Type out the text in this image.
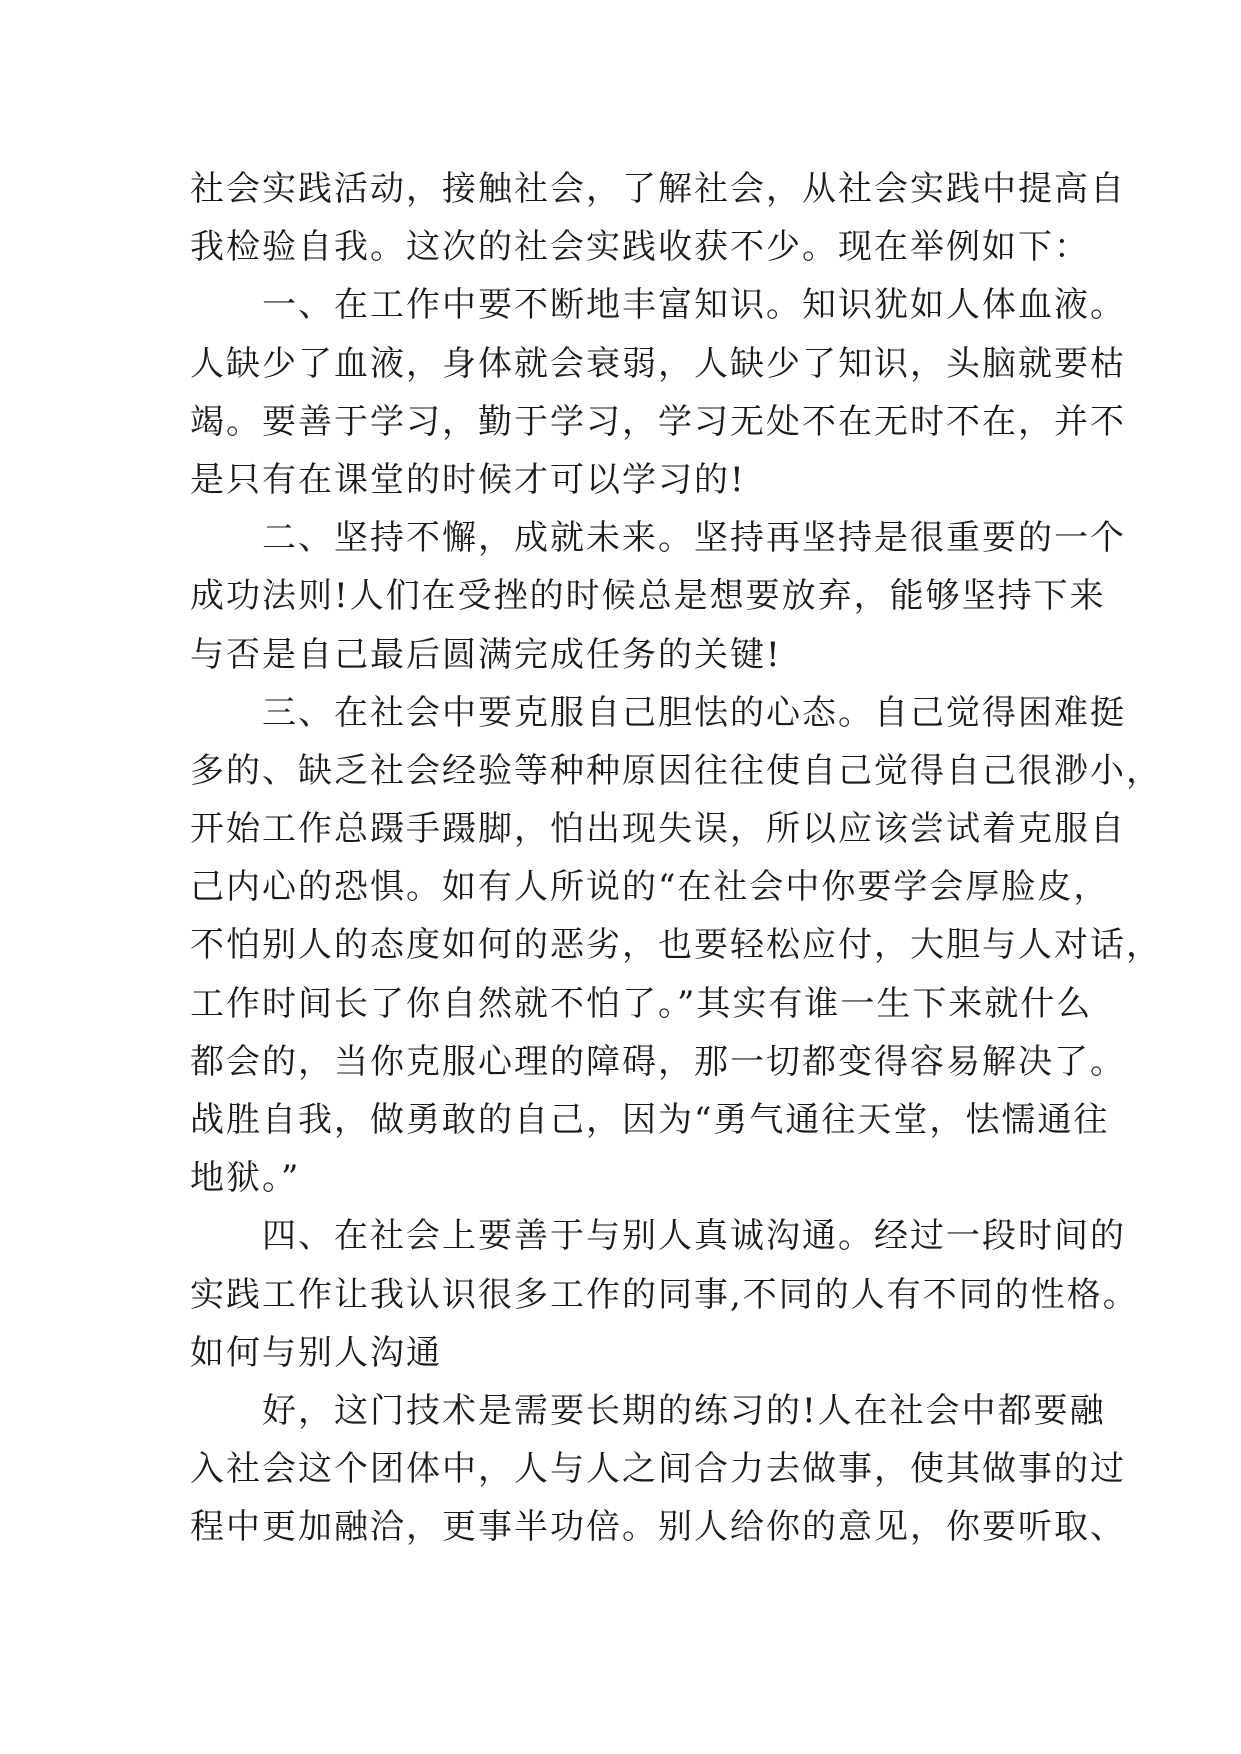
社会实践活动，接触社会，了解社会，从社会实践中提高自
我检验自我。这次的社会实践收获不少。现在举例如下：
　　一、在工作中要不断地丰富知识。知识犹如人体血液。
人缺少了血液，身体就会衰弱，人缺少了知识，头脑就要枯
竭。要善于学习，勤于学习，学习无处不在无时不在，并不
是只有在课堂的时候才可以学习的!
　　二、坚持不懈，成就未来。坚持再坚持是很重要的一个
成功法则!人们在受挫的时候总是想要放弃，能够坚持下来
与否是自己最后圆满完成任务的关键!
　　三、在社会中要克服自己胆怯的心态。自己觉得困难挺
多的、缺乏社会经验等种种原因往往使自己觉得自己很渺小，
开始工作总蹑手蹑脚，怕出现失误，所以应该尝试着克服自
己内心的恐惧。如有人所说的“在社会中你要学会厚脸皮，
不怕别人的态度如何的恶劣，也要轻松应付，大胆与人对话，
工作时间长了你自然就不怕了。”其实有谁一生下来就什么
都会的，当你克服心理的障碍，那一切都变得容易解决了。
战胜自我，做勇敢的自己，因为“勇气通往天堂，怯懦通往
地狱。”
　　四、在社会上要善于与别人真诚沟通。经过一段时间的
实践工作让我认识很多工作的同事,不同的人有不同的性格。
如何与别人沟通
　　好，这门技术是需要长期的练习的!人在社会中都要融
入社会这个团体中，人与人之间合力去做事，使其做事的过
程中更加融洽，更事半功倍。别人给你的意见，你要听取、
